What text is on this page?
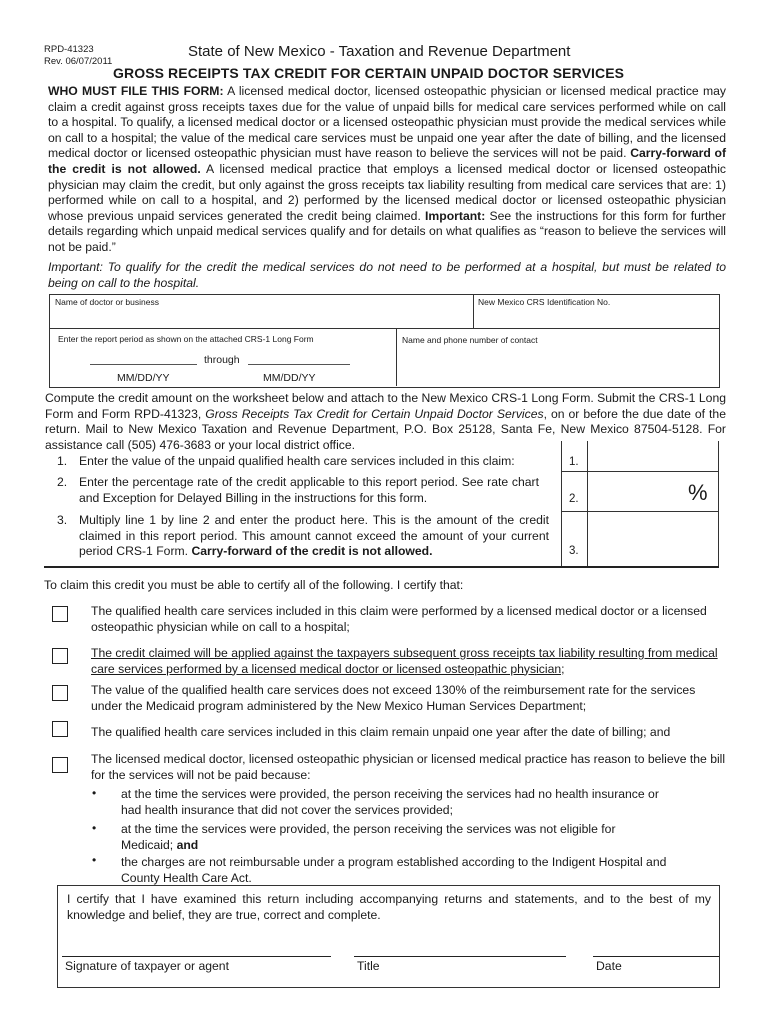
RPD-41323
Rev. 06/07/2011
State of New Mexico - Taxation and Revenue Department
GROSS RECEIPTS TAX CREDIT FOR CERTAIN UNPAID DOCTOR SERVICES
WHO MUST FILE THIS FORM: A licensed medical doctor, licensed osteopathic physician or licensed medical practice may claim a credit against gross receipts taxes due for the value of unpaid bills for medical care services performed while on call to a hospital. To qualify, a licensed medical doctor or a licensed osteopathic physician must provide the medical services while on call to a hospital; the value of the medical care services must be unpaid one year after the date of billing, and the licensed medical doctor or licensed osteopathic physician must have reason to believe the services will not be paid. Carry-forward of the credit is not allowed. A licensed medical practice that employs a licensed medical doctor or licensed osteopathic physician may claim the credit, but only against the gross receipts tax liability resulting from medical care services that are: 1) performed while on call to a hospital, and 2) performed by the licensed medical doctor or licensed osteopathic physician whose previous unpaid services generated the credit being claimed. Important: See the instructions for this form for further details regarding which unpaid medical services qualify and for details on what qualifies as “reason to believe the services will not be paid.”
Important: To qualify for the credit the medical services do not need to be performed at a hospital, but must be related to being on call to the hospital.
Name of doctor or business	New Mexico CRS Identification No.
Enter the report period as shown on the attached CRS-1 Long Form	Name and phone number of contact
through
MM/DD/YY	MM/DD/YY
Compute the credit amount on the worksheet below and attach to the New Mexico CRS-1 Long Form. Submit the CRS-1 Long Form and Form RPD-41323, Gross Receipts Tax Credit for Certain Unpaid Doctor Services, on or before the due date of the return. Mail to New Mexico Taxation and Revenue Department, P.O. Box 25128, Santa Fe, New Mexico 87504-5128. For assistance call (505) 476-3683 or your local district office.
1. Enter the value of the unpaid qualified health care services included in this claim:	1.
2. Enter the percentage rate of the credit applicable to this report period. See rate chart and Exception for Delayed Billing in the instructions for this form.	2.	%
3. Multiply line 1 by line 2 and enter the product here. This is the amount of the credit claimed in this report period. This amount cannot exceed the amount of your current period CRS-1 Form. Carry-forward of the credit is not allowed.	3.
To claim this credit you must be able to certify all of the following. I certify that:
The qualified health care services included in this claim were performed by a licensed medical doctor or a licensed osteopathic physician while on call to a hospital;
The credit claimed will be applied against the taxpayers subsequent gross receipts tax liability resulting from medical care services performed by a licensed medical doctor or licensed osteopathic physician;
The value of the qualified health care services does not exceed 130% of the reimbursement rate for the services under the Medicaid program administered by the New Mexico Human Services Department;
The qualified health care services included in this claim remain unpaid one year after the date of billing; and
The licensed medical doctor, licensed osteopathic physician or licensed medical practice has reason to believe the bill for the services will not be paid because:
• at the time the services were provided, the person receiving the services had no health insurance or had health insurance that did not cover the services provided;
• at the time the services were provided, the person receiving the services was not eligible for Medicaid; and
• the charges are not reimbursable under a program established according to the Indigent Hospital and County Health Care Act.
I certify that I have examined this return including accompanying returns and statements, and to the best of my knowledge and belief, they are true, correct and complete.
Signature of taxpayer or agent	Title	Date
